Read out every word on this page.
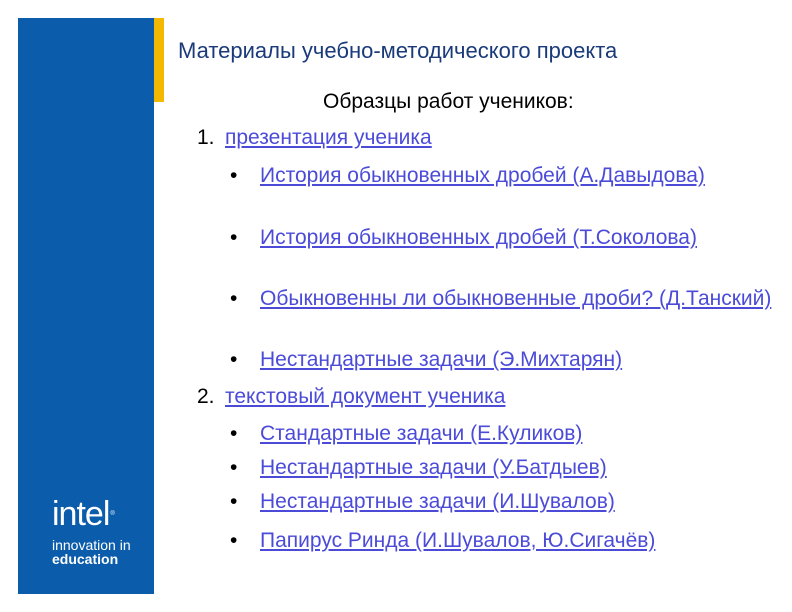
intel®
innovation in
education
Материалы учебно-методического проекта
Образцы работ учеников:
1. презентация ученика
• История обыкновенных дробей (А.Давыдова)
• История обыкновенных дробей (Т.Соколова)
• Обыкновенны ли обыкновенные дроби? (Д.Танский)
• Нестандартные задачи (Э.Михтарян)
2. текстовый документ ученика
• Стандартные задачи (Е.Куликов)
• Нестандартные задачи (У.Батдыев)
• Нестандартные задачи (И.Шувалов)
• Папирус Ринда (И.Шувалов, Ю.Сигачёв)
